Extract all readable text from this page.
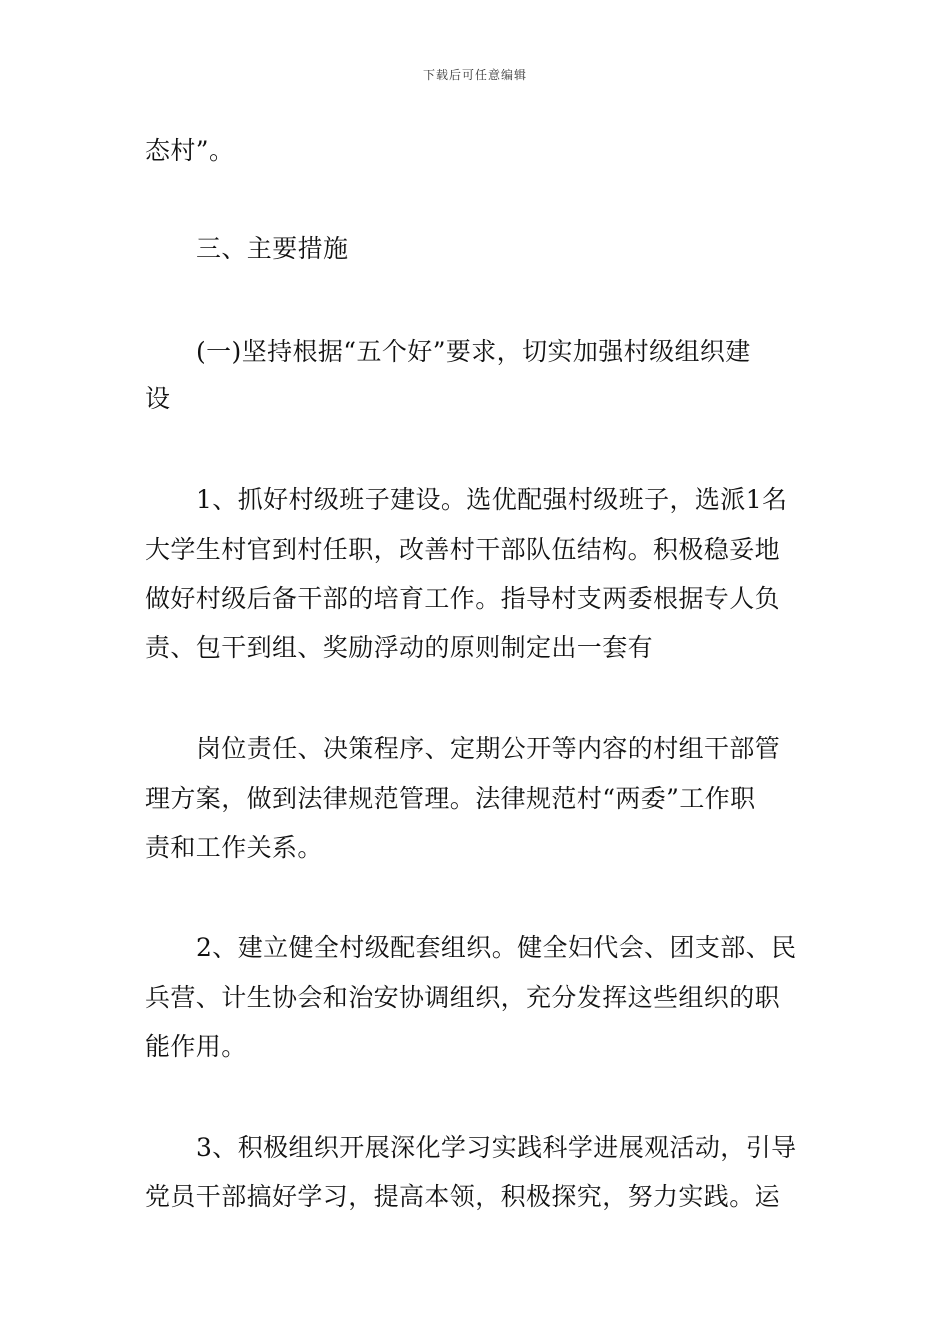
下载后可任意编辑
态村”。
三、主要措施
(一)坚持根据“五个好”要求，切实加强村级组织建
设
1、抓好村级班子建设。选优配强村级班子，选派1名
大学生村官到村任职，改善村干部队伍结构。积极稳妥地
做好村级后备干部的培育工作。指导村支两委根据专人负
责、包干到组、奖励浮动的原则制定出一套有
岗位责任、决策程序、定期公开等内容的村组干部管
理方案，做到法律规范管理。法律规范村“两委”工作职
责和工作关系。
2、建立健全村级配套组织。健全妇代会、团支部、民
兵营、计生协会和治安协调组织，充分发挥这些组织的职
能作用。
3、积极组织开展深化学习实践科学进展观活动，引导
党员干部搞好学习，提高本领，积极探究，努力实践。运
